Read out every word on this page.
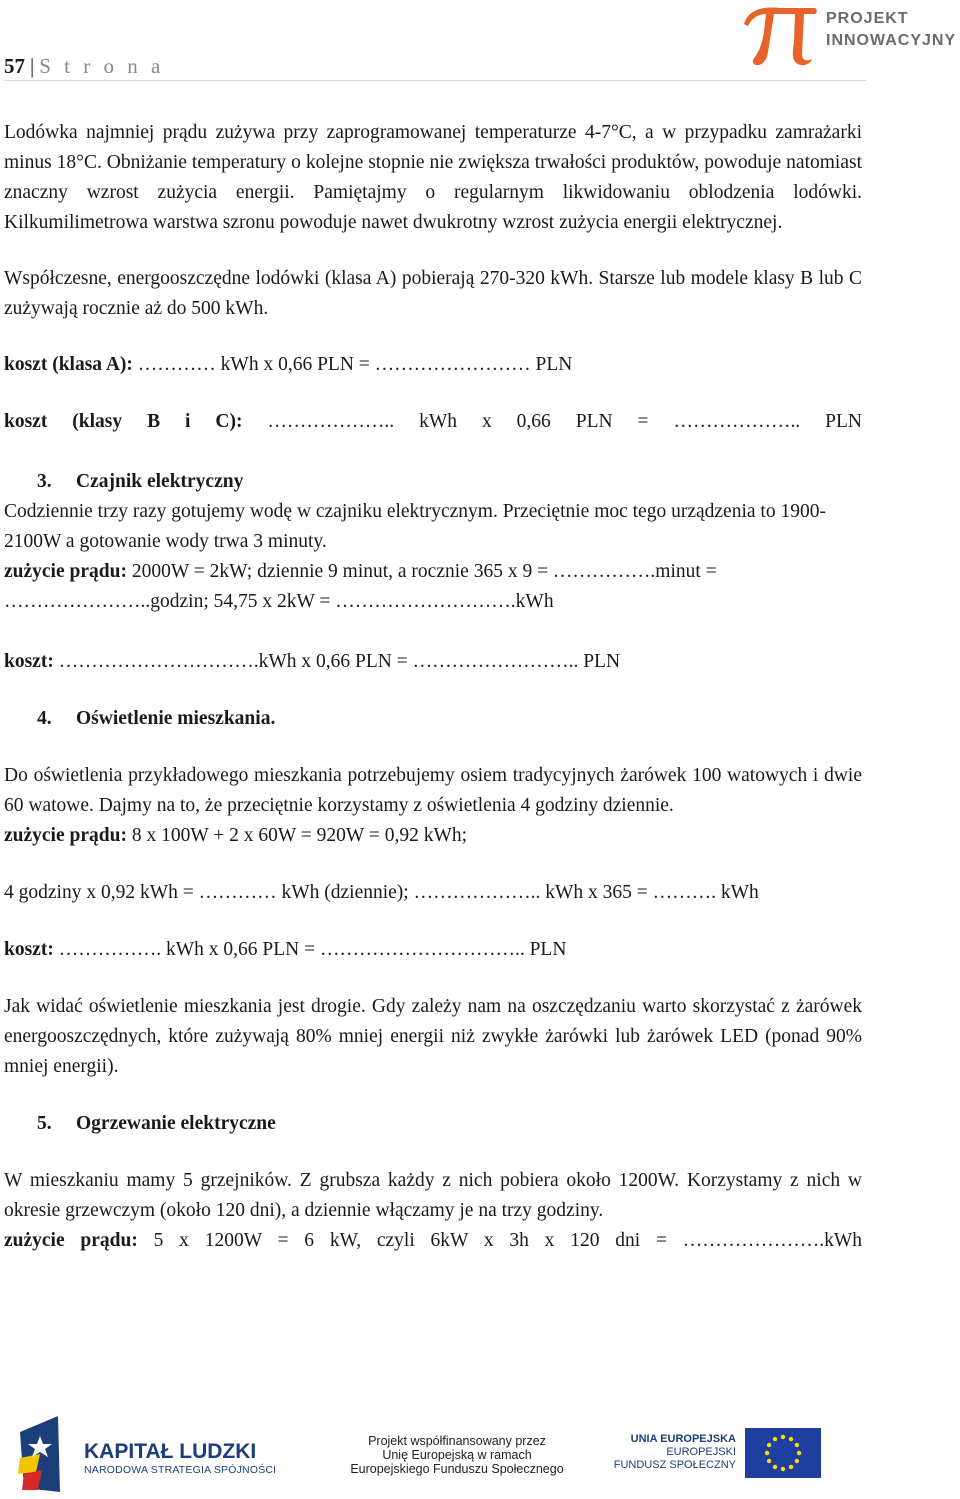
57 | S t r o n a
PROJEKT
INNOWACYJNY

Lodówka najmniej prądu zużywa przy zaprogramowanej temperaturze 4-7°C, a w przypadku zamrażarki minus 18°C. Obniżanie temperatury o kolejne stopnie nie zwiększa trwałości produktów, powoduje natomiast znaczny wzrost zużycia energii. Pamiętajmy o regularnym likwidowaniu oblodzenia lodówki. Kilkumilimetrowa warstwa szronu powoduje nawet dwukrotny wzrost zużycia energii elektrycznej.

Współczesne, energooszczędne lodówki (klasa A) pobierają 270-320 kWh. Starsze lub modele klasy B lub C zużywają rocznie aż do 500 kWh.

koszt (klasa A): ………… kWh x 0,66 PLN = …………………… PLN

koszt (klasy B i C): ……………….. kWh x 0,66 PLN = ……………….. PLN

3. Czajnik elektryczny

Codziennie trzy razy gotujemy wodę w czajniku elektrycznym. Przeciętnie moc tego urządzenia to 1900-2100W a gotowanie wody trwa 3 minuty.

zużycie prądu: 2000W = 2kW; dziennie 9 minut, a rocznie 365 x 9 = …………….minut = …………………..godzin; 54,75 x 2kW = ……………………….kWh

koszt: ………………………….kWh x 0,66 PLN = …………………….. PLN

4. Oświetlenie mieszkania.

Do oświetlenia przykładowego mieszkania potrzebujemy osiem tradycyjnych żarówek 100 watowych i dwie 60 watowe. Dajmy na to, że przeciętnie korzystamy z oświetlenia 4 godziny dziennie.

zużycie prądu: 8 x 100W + 2 x 60W = 920W = 0,92 kWh;

4 godziny x 0,92 kWh = ………… kWh (dziennie); ……………….. kWh x 365 = ………. kWh

koszt: ……………. kWh x 0,66 PLN = ………………………….. PLN

Jak widać oświetlenie mieszkania jest drogie. Gdy zależy nam na oszczędzaniu warto skorzystać z żarówek energooszczędnych, które zużywają 80% mniej energii niż zwykłe żarówki lub żarówek LED (ponad 90% mniej energii).

5. Ogrzewanie elektryczne

W mieszkaniu mamy 5 grzejników. Z grubsza każdy z nich pobiera około 1200W. Korzystamy z nich w okresie grzewczym (około 120 dni), a dziennie włączamy je na trzy godziny.

zużycie prądu: 5 x 1200W = 6 kW, czyli 6kW x 3h x 120 dni = ………………….kWh

KAPITAŁ LUDZKI
NARODOWA STRATEGIA SPÓJNOŚCI
Projekt współfinansowany przez
Unię Europejską w ramach
Europejskiego Funduszu Społecznego
UNIA EUROPEJSKA
EUROPEJSKI
FUNDUSZ SPOŁECZNY
